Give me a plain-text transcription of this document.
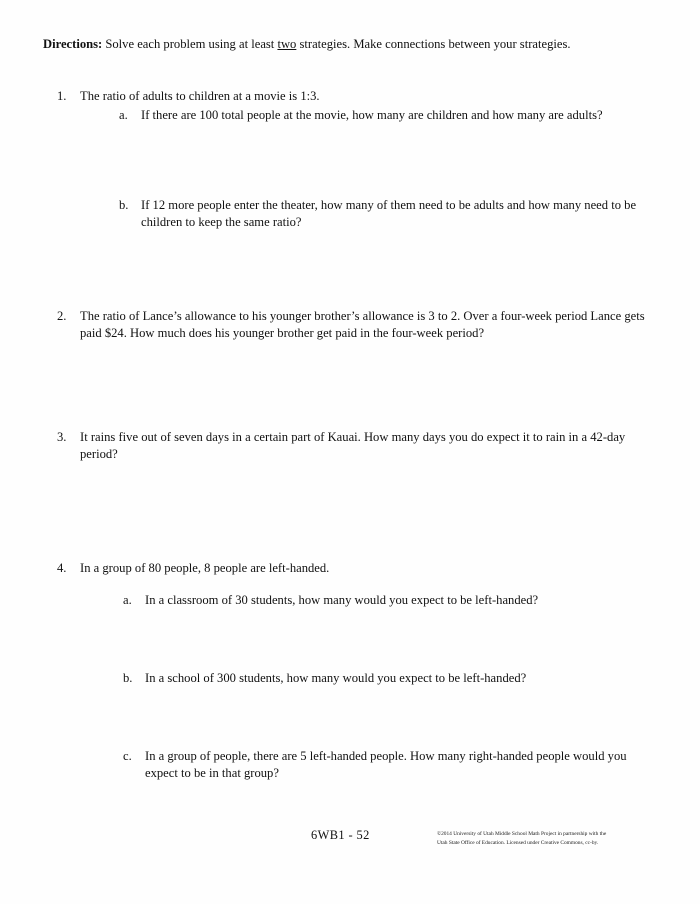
Directions: Solve each problem using at least two strategies. Make connections between your strategies.
1.	The ratio of adults to children at a movie is 1:3.
a.	If there are 100 total people at the movie, how many are children and how many are adults?
b. If 12 more people enter the theater, how many of them need to be adults and how many need to be children to keep the same ratio?
2.	The ratio of Lance’s allowance to his younger brother’s allowance is 3 to 2. Over a four-week period Lance gets paid $24. How much does his younger brother get paid in the four-week period?
3.	It rains five out of seven days in a certain part of Kauai. How many days you do expect it to rain in a 42-day period?
4.	In a group of 80 people, 8 people are left-handed.
a.	In a classroom of 30 students, how many would you expect to be left-handed?
b. In a school of 300 students, how many would you expect to be left-handed?
c.	In a group of people, there are 5 left-handed people. How many right-handed people would you expect to be in that group?
6WB1 - 52	©2014 University of Utah Middle School Math Project in partnership with the
Utah State Office of Education. Licensed under Creative Commons, cc-by.
